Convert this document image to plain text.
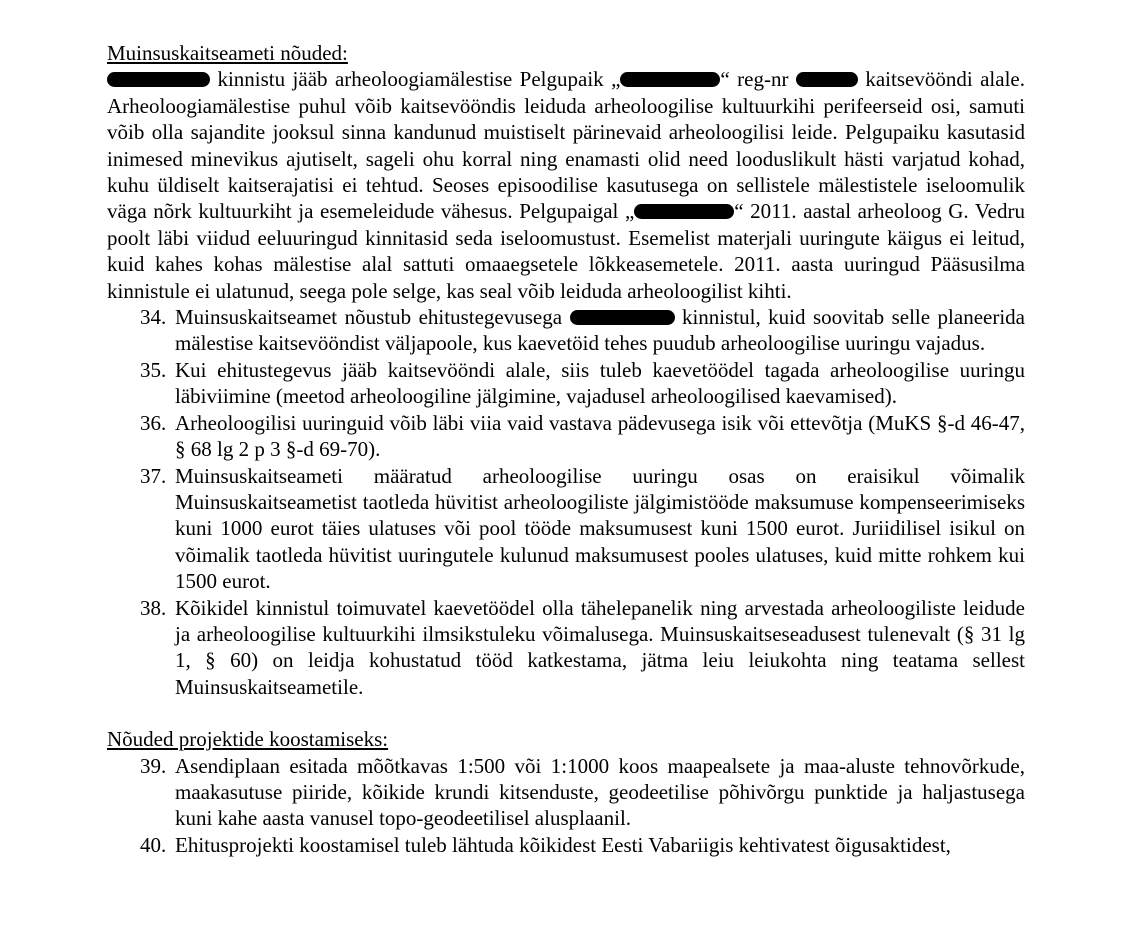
Muinsuskaitseameti nõuded:

kinnistu jääb arheoloogiamälestise Pelgupaik „	“ reg-nr	kaitsevööndi alale. Arheoloogiamälestise puhul võib kaitsevööndis leiduda arheoloogilise kultuurkihi perifeerseid osi, samuti võib olla sajandite jooksul sinna kandunud muistiselt pärinevaid arheoloogilisi leide. Pelgupaiku kasutasid inimesed minevikus ajutiselt, sageli ohu korral ning enamasti olid need looduslikult hästi varjatud kohad, kuhu üldiselt kaitserajatisi ei tehtud. Seoses episoodilise kasutusega on sellistele mälestistele iseloomulik väga nõrk kultuurkiht ja esemeleidude vähesus. Pelgupaigal „	“ 2011. aastal arheoloog G. Vedru poolt läbi viidud eeluuringud kinnitasid seda iseloomustust. Esemelist materjali uuringute käigus ei leitud, kuid kahes kohas mälestise alal sattuti omaaegsetele lõkkeasemetele. 2011. aasta uuringud Pääsusilma kinnistule ei ulatunud, seega pole selge, kas seal võib leiduda arheoloogilist kihti.

34. Muinsuskaitseamet nõustub ehitustegevusega	kinnistul, kuid soovitab selle planeerida mälestise kaitsevööndist väljapoole, kus kaevetöid tehes puudub arheoloogilise uuringu vajadus.
35. Kui ehitustegevus jääb kaitsevööndi alale, siis tuleb kaevetöödel tagada arheoloogilise uuringu läbiviimine (meetod arheoloogiline jälgimine, vajadusel arheoloogilised kaevamised).
36. Arheoloogilisi uuringuid võib läbi viia vaid vastava pädevusega isik või ettevõtja (MuKS §-d 46-47, § 68 lg 2 p 3 §-d 69-70).
37. Muinsuskaitseameti määratud arheoloogilise uuringu osas on eraisikul võimalik Muinsuskaitseametist taotleda hüvitist arheoloogiliste jälgimistööde maksumuse kompenseerimiseks kuni 1000 eurot täies ulatuses või pool tööde maksumusest kuni 1500 eurot. Juriidilisel isikul on võimalik taotleda hüvitist uuringutele kulunud maksumusest pooles ulatuses, kuid mitte rohkem kui 1500 eurot.
38. Kõikidel kinnistul toimuvatel kaevetöödel olla tähelepanelik ning arvestada arheoloogiliste leidude ja arheoloogilise kultuurkihi ilmsikstuleku võimalusega. Muinsuskaitseseadusest tulenevalt (§ 31 lg 1, § 60) on leidja kohustatud tööd katkestama, jätma leiu leiukohta ning teatama sellest Muinsuskaitseametile.
Nõuded projektide koostamiseks:
39. Asendiplaan esitada mõõtkavas 1:500 või 1:1000 koos maapealsete ja maa-aluste tehnovõrkude, maakasutuse piiride, kõikide krundi kitsenduste, geodeetilise põhivõrgu punktide ja haljastusega kuni kahe aasta vanusel topo-geodeetilisel alusplaanil.
40. Ehitusprojekti koostamisel tuleb lähtuda kõikidest Eesti Vabariigis kehtivatest õigusaktidest,
